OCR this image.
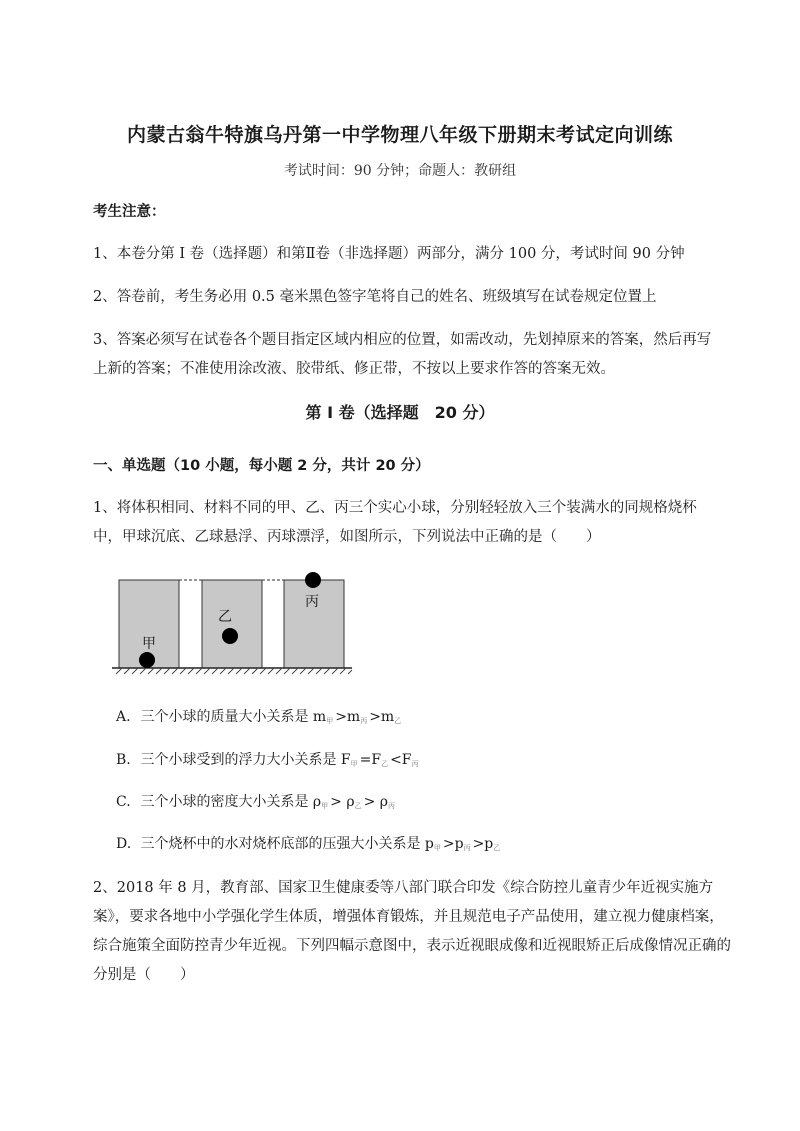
内蒙古翁牛特旗乌丹第一中学物理八年级下册期末考试定向训练
考试时间：90 分钟；命题人：教研组
考生注意：
1、本卷分第 I 卷（选择题）和第Ⅱ卷（非选择题）两部分，满分 100 分，考试时间 90 分钟
2、答卷前，考生务必用 0.5 毫米黑色签字笔将自己的姓名、班级填写在试卷规定位置上
3、答案必须写在试卷各个题目指定区域内相应的位置，如需改动，先划掉原来的答案，然后再写上新的答案；不准使用涂改液、胶带纸、修正带，不按以上要求作答的答案无效。
第 I 卷（选择题　20 分）
一、单选题（10 小题，每小题 2 分，共计 20 分）
1、将体积相同、材料不同的甲、乙、丙三个实心小球，分别轻轻放入三个装满水的同规格烧杯中，甲球沉底、乙球悬浮、丙球漂浮，如图所示，下列说法中正确的是（　　）
甲
乙
丙
A. 三个小球的质量大小关系是 $m_甲 >m_丙 >m_乙$
B. 三个小球受到的浮力大小关系是 $F_甲 =F_乙 <F_丙$
C. 三个小球的密度大小关系是 $\rho_甲 > \rho_乙 > \rho_丙$
D. 三个烧杯中的水对烧杯底部的压强大小关系是 $p_甲 >p_丙 >p_乙$
2、2018 年 8 月，教育部、国家卫生健康委等八部门联合印发《综合防控儿童青少年近视实施方案》，要求各地中小学强化学生体质，增强体育锻炼，并且规范电子产品使用，建立视力健康档案，综合施策全面防控青少年近视。下列四幅示意图中，表示近视眼成像和近视眼矫正后成像情况正确的分别是（　　）
